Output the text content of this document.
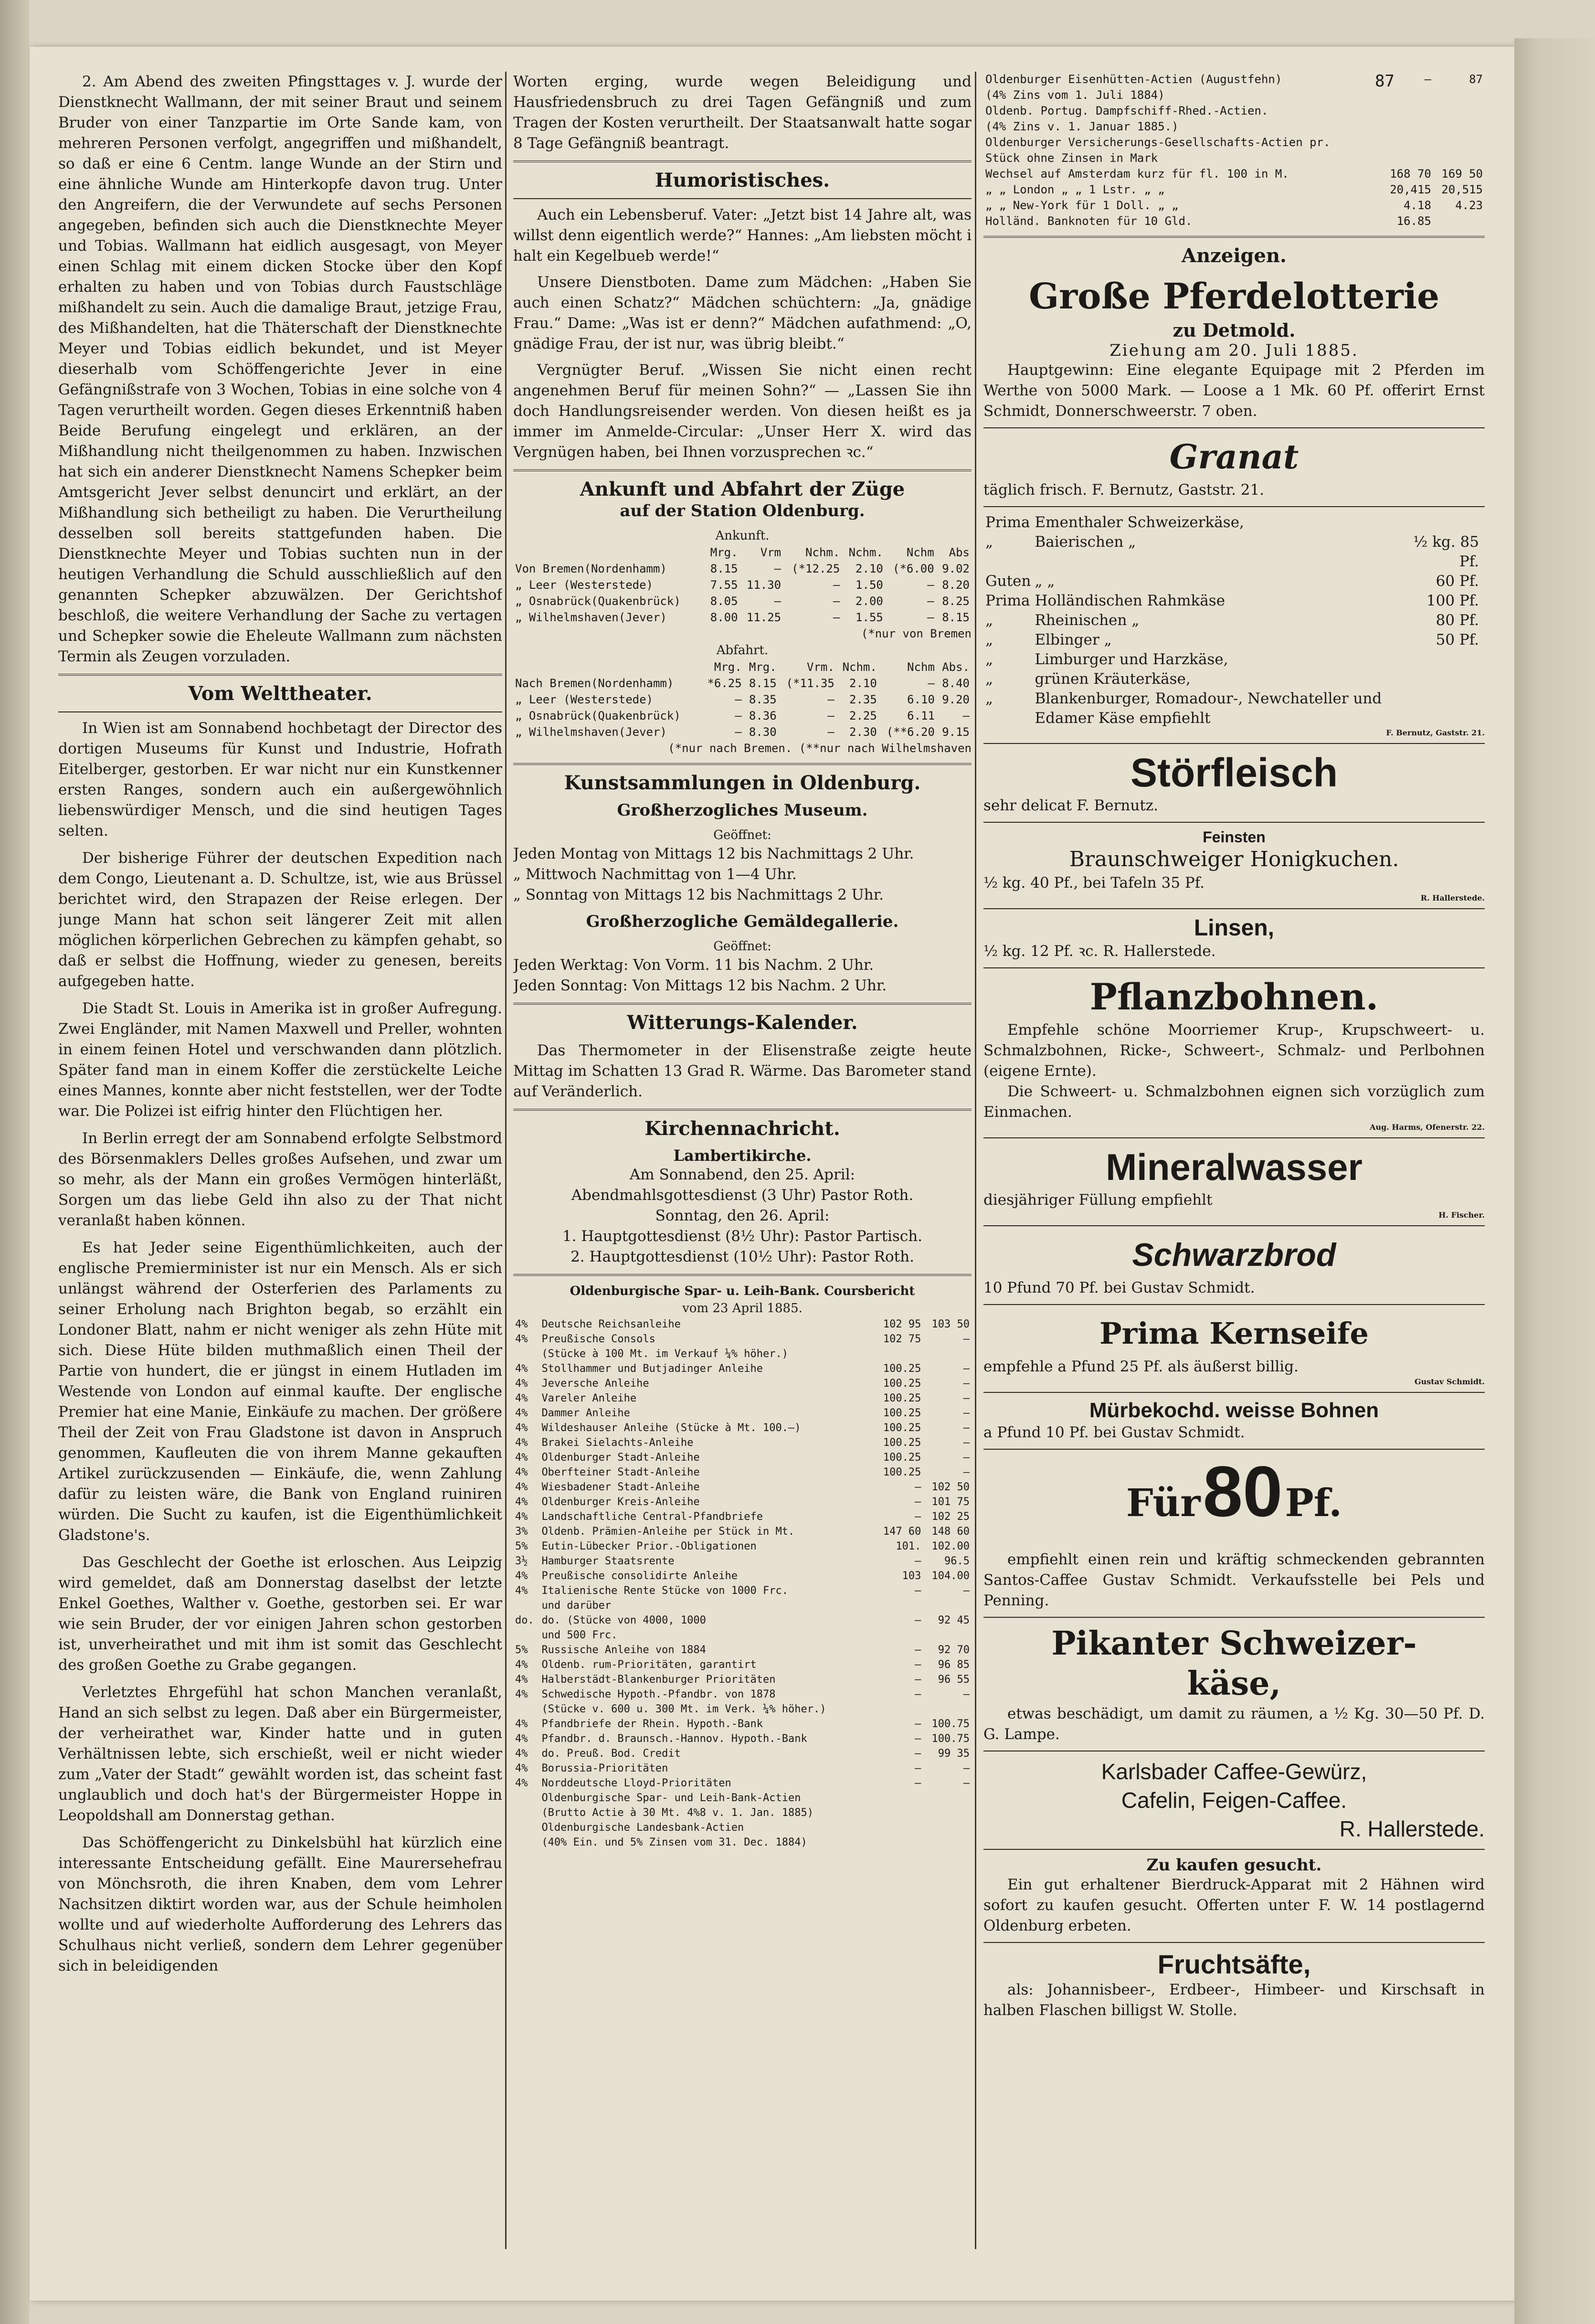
2. Am Abend des zweiten Pfingsttages v. J. wurde der Dienstknecht Wallmann, der mit seiner Braut und seinem Bruder von einer Tanzpartie im Orte Sande kam, von mehreren Personen verfolgt, angegriffen und mißhandelt, so daß er eine 6 Centm. lange Wunde an der Stirn und eine ähnliche Wunde am Hinterkopfe davon trug. Unter den Angreifern, die der Verwundete auf sechs Personen angegeben, befinden sich auch die Dienstknechte Meyer und Tobias. Wallmann hat eidlich ausgesagt, von Meyer einen Schlag mit einem dicken Stocke über den Kopf erhalten zu haben und von Tobias durch Faustschläge mißhandelt zu sein. Auch die damalige Braut, jetzige Frau, des Mißhandelten, hat die Thäterschaft der Dienstknechte Meyer und Tobias eidlich bekundet, und ist Meyer dieserhalb vom Schöffengerichte Jever in eine Gefängnißstrafe von 3 Wochen, Tobias in eine solche von 4 Tagen verurtheilt worden. Gegen dieses Erkenntniß haben Beide Berufung eingelegt und erklären, an der Mißhandlung nicht theilgenommen zu haben. Inzwischen hat sich ein anderer Dienstknecht Namens Schepker beim Amtsgericht Jever selbst denuncirt und erklärt, an der Mißhandlung sich betheiligt zu haben. Die Verurtheilung desselben soll bereits stattgefunden haben. Die Dienstknechte Meyer und Tobias suchten nun in der heutigen Verhandlung die Schuld ausschließlich auf den genannten Schepker abzuwälzen. Der Gerichtshof beschloß, die weitere Verhandlung der Sache zu vertagen und Schepker sowie die Eheleute Wallmann zum nächsten Termin als Zeugen vorzuladen.

Vom Welttheater.

In Wien ist am Sonnabend hochbetagt der Director des dortigen Museums für Kunst und Industrie, Hofrath Eitelberger, gestorben. Er war nicht nur ein Kunstkenner ersten Ranges, sondern auch ein außergewöhnlich liebenswürdiger Mensch, und die sind heutigen Tages selten.

Der bisherige Führer der deutschen Expedition nach dem Congo, Lieutenant a. D. Schultze, ist, wie aus Brüssel berichtet wird, den Strapazen der Reise erlegen. Der junge Mann hat schon seit längerer Zeit mit allen möglichen körperlichen Gebrechen zu kämpfen gehabt, so daß er selbst die Hoffnung, wieder zu genesen, bereits aufgegeben hatte.

Die Stadt St. Louis in Amerika ist in großer Aufregung. Zwei Engländer, mit Namen Maxwell und Preller, wohnten in einem feinen Hotel und verschwanden dann plötzlich. Später fand man in einem Koffer die zerstückelte Leiche eines Mannes, konnte aber nicht feststellen, wer der Todte war. Die Polizei ist eifrig hinter den Flüchtigen her.

In Berlin erregt der am Sonnabend erfolgte Selbstmord des Börsenmaklers Delles großes Aufsehen, und zwar um so mehr, als der Mann ein großes Vermögen hinterläßt, Sorgen um das liebe Geld ihn also zu der That nicht veranlaßt haben können.

Es hat Jeder seine Eigenthümlichkeiten, auch der englische Premierminister ist nur ein Mensch. Als er sich unlängst während der Osterferien des Parlaments zu seiner Erholung nach Brighton begab, so erzählt ein Londoner Blatt, nahm er nicht weniger als zehn Hüte mit sich. Diese Hüte bilden muthmaßlich einen Theil der Partie von hundert, die er jüngst in einem Hutladen im Westende von London auf einmal kaufte. Der englische Premier hat eine Manie, Einkäufe zu machen. Der größere Theil der Zeit von Frau Gladstone ist davon in Anspruch genommen, Kaufleuten die von ihrem Manne gekauften Artikel zurückzusenden — Einkäufe, die, wenn Zahlung dafür zu leisten wäre, die Bank von England ruiniren würden. Die Sucht zu kaufen, ist die Eigenthümlichkeit Gladstone's.

Das Geschlecht der Goethe ist erloschen. Aus Leipzig wird gemeldet, daß am Donnerstag daselbst der letzte Enkel Goethes, Walther v. Goethe, gestorben sei. Er war wie sein Bruder, der vor einigen Jahren schon gestorben ist, unverheirathet und mit ihm ist somit das Geschlecht des großen Goethe zu Grabe gegangen.

Verletztes Ehrgefühl hat schon Manchen veranlaßt, Hand an sich selbst zu legen. Daß aber ein Bürgermeister, der verheirathet war, Kinder hatte und in guten Verhältnissen lebte, sich erschießt, weil er nicht wieder zum „Vater der Stadt“ gewählt worden ist, das scheint fast unglaublich und doch hat's der Bürgermeister Hoppe in Leopoldshall am Donnerstag gethan.

Das Schöffengericht zu Dinkelsbühl hat kürzlich eine interessante Entscheidung gefällt. Eine Maurersehefrau von Mönchsroth, die ihren Knaben, dem vom Lehrer Nachsitzen diktirt worden war, aus der Schule heimholen wollte und auf wiederholte Aufforderung des Lehrers das Schulhaus nicht verließ, sondern dem Lehrer gegenüber sich in beleidigenden

Worten erging, wurde wegen Beleidigung und Hausfriedensbruch zu drei Tagen Gefängniß und zum Tragen der Kosten verurtheilt. Der Staatsanwalt hatte sogar 8 Tage Gefängniß beantragt.

Humoristisches.

Auch ein Lebensberuf. Vater: „Jetzt bist 14 Jahre alt, was willst denn eigentlich werde?“ Hannes: „Am liebsten möcht i halt ein Kegelbueb werde!“

Unsere Dienstboten. Dame zum Mädchen: „Haben Sie auch einen Schatz?“ Mädchen schüchtern: „Ja, gnädige Frau.“ Dame: „Was ist er denn?“ Mädchen aufathmend: „O, gnädige Frau, der ist nur, was übrig bleibt.“

Vergnügter Beruf. „Wissen Sie nicht einen recht angenehmen Beruf für meinen Sohn?“ — „Lassen Sie ihn doch Handlungsreisender werden. Von diesen heißt es ja immer im Anmelde-Circular: „Unser Herr X. wird das Vergnügen haben, bei Ihnen vorzusprechen ꝛc.“

Ankunft und Abfahrt der Züge
auf der Station Oldenburg.
Ankunft.
	Mrg.	Vrm	Nchm.	Nchm.	Nchm	Abs
Von Bremen(Nordenhamm)	8.15	—	(*12.25	2.10	(*6.00	9.02
„ Leer (Westerstede)	7.55	11.30	—	1.50	—	8.20
„ Osnabrück(Quakenbrück)	8.05	—	—	2.00	—	8.25
„ Wilhelmshaven(Jever)	8.00	11.25	—	1.55	—	8.15
(*nur von Bremen
Abfahrt.
	Mrg.	Mrg.	Vrm.	Nchm.	Nchm	Abs.
Nach Bremen(Nordenhamm)	*6.25	8.15	(*11.35	2.10	—	8.40
„ Leer (Westerstede)	—	8.35	—	2.35	6.10	9.20
„ Osnabrück(Quakenbrück)	—	8.36	—	2.25	6.11	—
„ Wilhelmshaven(Jever)	—	8.30	—	2.30	(**6.20	9.15
(*nur nach Bremen. (**nur nach Wilhelmshaven
Kunstsammlungen in Oldenburg.
Großherzogliches Museum.
Geöffnet:

Jeden Montag von Mittags 12 bis Nachmittags 2 Uhr.

„ Mittwoch Nachmittag von 1—4 Uhr.

„ Sonntag von Mittags 12 bis Nachmittags 2 Uhr.

Großherzogliche Gemäldegallerie.
Geöffnet:

Jeden Werktag: Von Vorm. 11 bis Nachm. 2 Uhr.

Jeden Sonntag: Von Mittags 12 bis Nachm. 2 Uhr.

Witterungs-Kalender.

Das Thermometer in der Elisenstraße zeigte heute Mittag im Schatten 13 Grad R. Wärme. Das Barometer stand auf Veränderlich.

Kirchennachricht.
Lambertikirche.

Am Sonnabend, den 25. April:

Abendmahlsgottesdienst (3 Uhr) Pastor Roth.

Sonntag, den 26. April:

1. Hauptgottesdienst (8½ Uhr): Pastor Partisch.

2. Hauptgottesdienst (10½ Uhr): Pastor Roth.

Oldenburgische Spar- u. Leih-Bank. Coursbericht
vom 23 April 1885.
4%	Deutsche Reichsanleihe	102 95	103 50
4%	Preußische Consols	102 75	—
	(Stücke à 100 Mt. im Verkauf ¼% höher.)		
4%	Stollhammer und Butjadinger Anleihe	100.25	—
4%	Jeversche Anleihe	100.25	—
4%	Vareler Anleihe	100.25	—
4%	Dammer Anleihe	100.25	—
4%	Wildeshauser Anleihe (Stücke à Mt. 100.—)	100.25	—
4%	Brakei Sielachts-Anleihe	100.25	—
4%	Oldenburger Stadt-Anleihe	100.25	—
4%	Oberfteiner Stadt-Anleihe	100.25	—
4%	Wiesbadener Stadt-Anleihe	—	102 50
4%	Oldenburger Kreis-Anleihe	—	101 75
4%	Landschaftliche Central-Pfandbriefe	—	102 25
3%	Oldenb. Prämien-Anleihe per Stück in Mt.	147 60	148 60
5%	Eutin-Lübecker Prior.-Obligationen	101.	102.00
3½	Hamburger Staatsrente	—	96.5
4%	Preußische consolidirte Anleihe	103	104.00
4%	Italienische Rente Stücke von 1000 Frc.	—	—
	und darüber		
do.	do. (Stücke von 4000, 1000	—	92 45
	und 500 Frc.		
5%	Russische Anleihe von 1884	—	92 70
4%	Oldenb. rum-Prioritäten, garantirt	—	96 85
4%	Halberstädt-Blankenburger Prioritäten	—	96 55
4%	Schwedische Hypoth.-Pfandbr. von 1878	—	—
	(Stücke v. 600 u. 300 Mt. im Verk. ¼% höher.)		
4%	Pfandbriefe der Rhein. Hypoth.-Bank	—	100.75
4%	Pfandbr. d. Braunsch.-Hannov. Hypoth.-Bank	—	100.75
4%	do. Preuß. Bod. Credit	—	99 35
4%	Borussia-Prioritäten	—	—
4%	Norddeutsche Lloyd-Prioritäten	—	—
	Oldenburgische Spar- und Leih-Bank-Actien		
	(Brutto Actie à 30 Mt. 4%8 v. 1. Jan. 1885)		
	Oldenburgische Landesbank-Actien		
	(40% Ein. und 5% Zinsen vom 31. Dec. 1884)		
Oldenburger Eisenhütten-Actien (Augustfehn)	—	87
(4% Zins vom 1. Juli 1884)		
Oldenb. Portug. Dampfschiff-Rhed.-Actien.		
(4% Zins v. 1. Januar 1885.)		
Oldenburger Versicherungs-Gesellschafts-Actien pr.		
Stück ohne Zinsen in Mark		
Wechsel auf Amsterdam kurz für fl. 100 in M.	168 70	169 50
„ „ London „ „ 1 Lstr. „ „	20,415	20,515
„ „ New-York für 1 Doll. „ „	4.18	4.23
Holländ. Banknoten für 10 Gld.	16.85	
Anzeigen.
Große Pferdelotterie
zu Detmold.
Ziehung am 20. Juli 1885.

Hauptgewinn: Eine elegante Equipage mit 2 Pferden im Werthe von 5000 Mark. — Loose a 1 Mk. 60 Pf. offerirt Ernst Schmidt, Donnerschweerstr. 7 oben.

Granat

täglich frisch. F. Bernutz, Gaststr. 21.

Prima	Ementhaler Schweizerkäse,		
„	Baierischen „	½ kg. 85 Pf.	
Guten	„ „	60 Pf.	
Prima	Holländischen Rahmkäse	100 Pf.	
„	Rheinischen „	80 Pf.	
„	Elbinger „	50 Pf.	
„	Limburger und Harzkäse,		
„	grünen Kräuterkäse,		
„	Blankenburger, Romadour-, Newchateller und Edamer Käse empfiehlt		
F. Bernutz, Gaststr. 21.
Störfleisch

sehr delicat F. Bernutz.

Feinsten
Braunschweiger Honigkuchen.

½ kg. 40 Pf., bei Tafeln 35 Pf.

R. Hallerstede.
Linsen,

½ kg. 12 Pf. ꝛc. R. Hallerstede.

Pflanzbohnen.

Empfehle schöne Moorriemer Krup-, Krupschweert- u. Schmalzbohnen, Ricke-, Schweert-, Schmalz- und Perlbohnen (eigene Ernte).

Die Schweert- u. Schmalzbohnen eignen sich vorzüglich zum Einmachen.

Aug. Harms, Ofenerstr. 22.
Mineralwasser

diesjähriger Füllung empfiehlt

H. Fischer.
Schwarzbrod

10 Pfund 70 Pf. bei Gustav Schmidt.

Prima Kernseife

empfehle a Pfund 25 Pf. als äußerst billig.

Gustav Schmidt.
Mürbekochd. weisse Bohnen

a Pfund 10 Pf. bei Gustav Schmidt.

Für 80 Pf.

empfiehlt einen rein und kräftig schmeckenden gebrannten Santos-Caffee Gustav Schmidt. Verkaufsstelle bei Pels und Penning.

Pikanter Schweizer-
käse,

etwas beschädigt, um damit zu räumen, a ½ Kg. 30—50 Pf. D. G. Lampe.

Karlsbader Caffee-Gewürz,
Cafelin, Feigen-Caffee.
R. Hallerstede.
Zu kaufen gesucht.

Ein gut erhaltener Bierdruck-Apparat mit 2 Hähnen wird sofort zu kaufen gesucht. Offerten unter F. W. 14 postlagernd Oldenburg erbeten.

Fruchtsäfte,

als: Johannisbeer-, Erdbeer-, Himbeer- und Kirschsaft in halben Flaschen billigst W. Stolle.

87
